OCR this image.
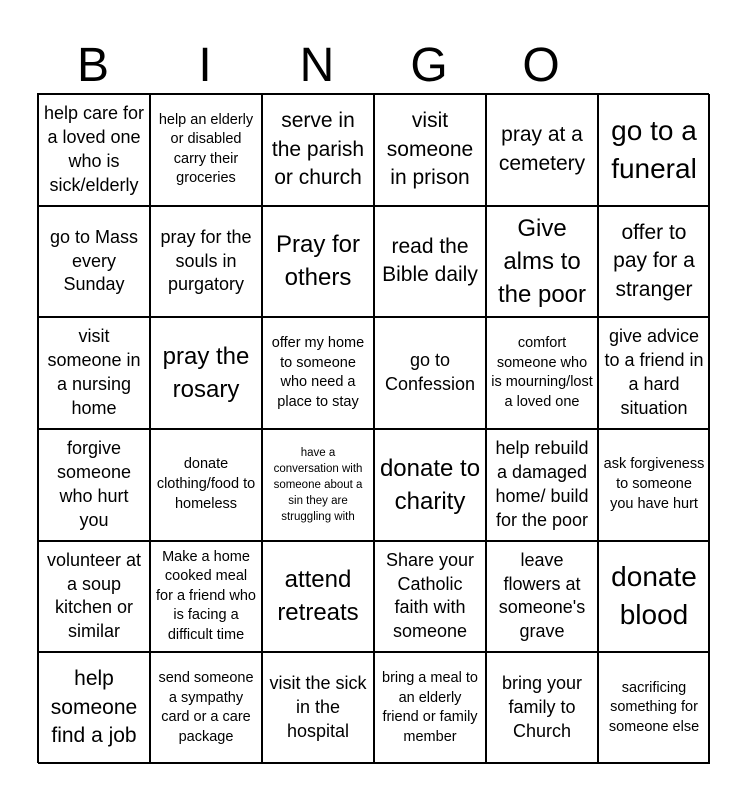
B	I	N	G	O
help care for a loved one who is sick/elderly
help an elderly or disabled carry their groceries
serve in the parish or church
visit someone in prison
pray at a cemetery
go to a funeral
go to Mass every Sunday
pray for the souls in purgatory
Pray for others
read the Bible daily
Give alms to the poor
offer to pay for a stranger
visit someone in a nursing home
pray the rosary
offer my home to someone who need a place to stay
go to Confession
comfort someone who is mourning/lost a loved one
give advice to a friend in a hard situation
forgive someone who hurt you
donate clothing/food to homeless
have a conversation with someone about a sin they are struggling with
donate to charity
help rebuild a damaged home/ build for the poor
ask forgiveness to someone you have hurt
volunteer at a soup kitchen or similar
Make a home cooked meal for a friend who is facing a difficult time
attend retreats
Share your Catholic faith with someone
leave flowers at someone's grave
donate blood
help someone find a job
send someone a sympathy card or a care package
visit the sick in the hospital
bring a meal to an elderly friend or family member
bring your family to Church
sacrificing something for someone else
